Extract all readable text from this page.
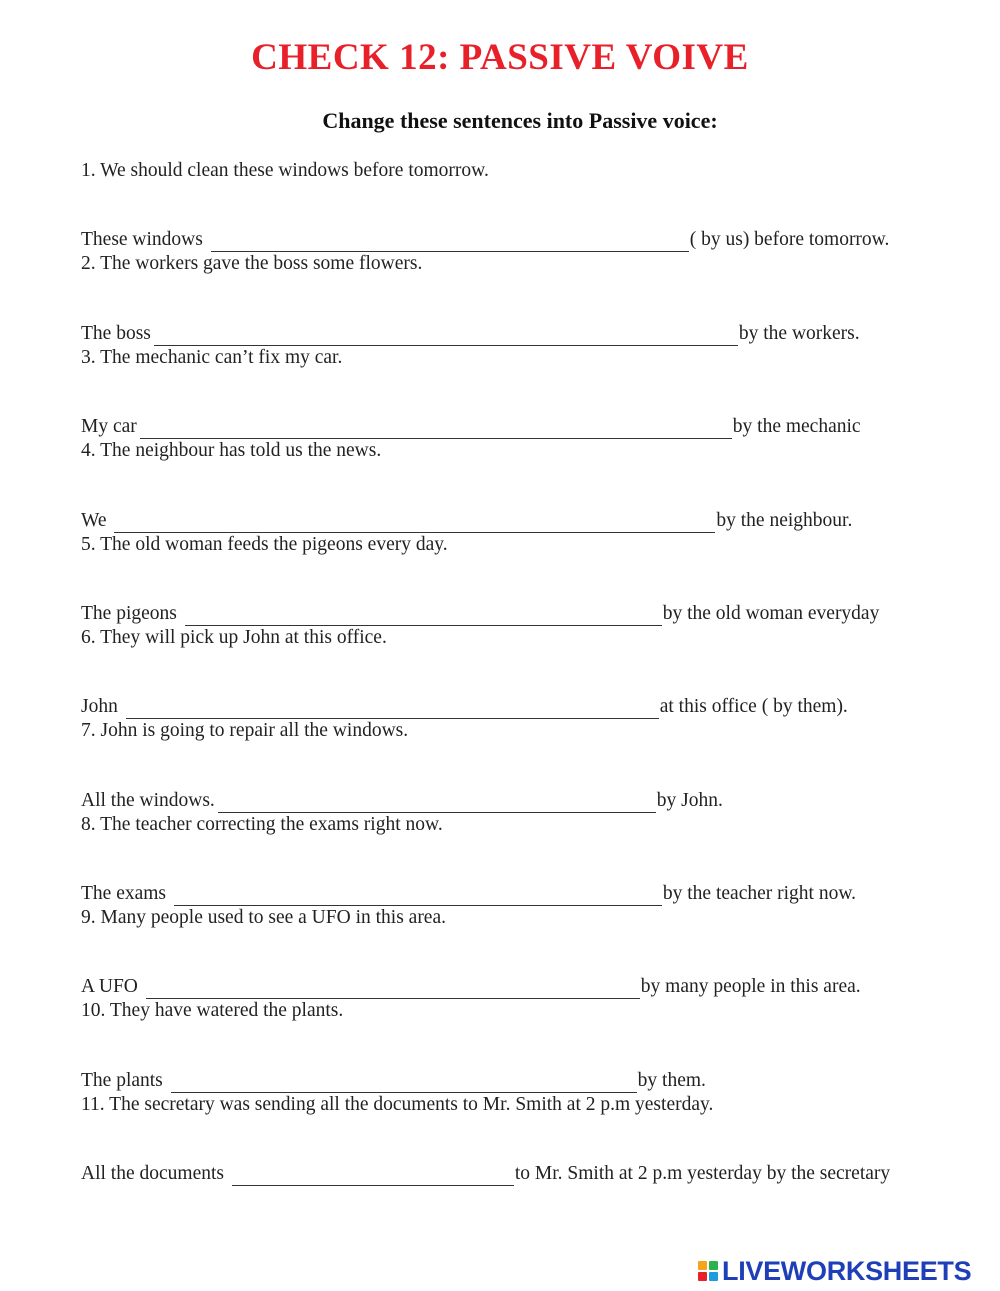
CHECK 12: PASSIVE VOIVE
Change these sentences into Passive voice:
1. We should clean these windows before tomorrow.
These windows	( by us) before tomorrow.
2. The workers gave the boss some flowers.
The boss	by the workers.
3. The mechanic can’t fix my car.
My car	by the mechanic
4. The neighbour has told us the news.
We	by the neighbour.
5. The old woman feeds the pigeons every day.
The pigeons	by the old woman everyday
6. They will pick up John at this office.
John	at this office ( by them).
7. John is going to repair all the windows.
All the windows.	by John.
8. The teacher correcting the exams right now.
The exams	by the teacher right now.
9. Many people used to see a UFO in this area.
A UFO	by many people in this area.
10. They have watered the plants.
The plants	by them.
11. The secretary was sending all the documents to Mr. Smith at 2 p.m yesterday.
All the documents	to Mr. Smith at 2 p.m yesterday by the secretary
LIVEWORKSHEETS
